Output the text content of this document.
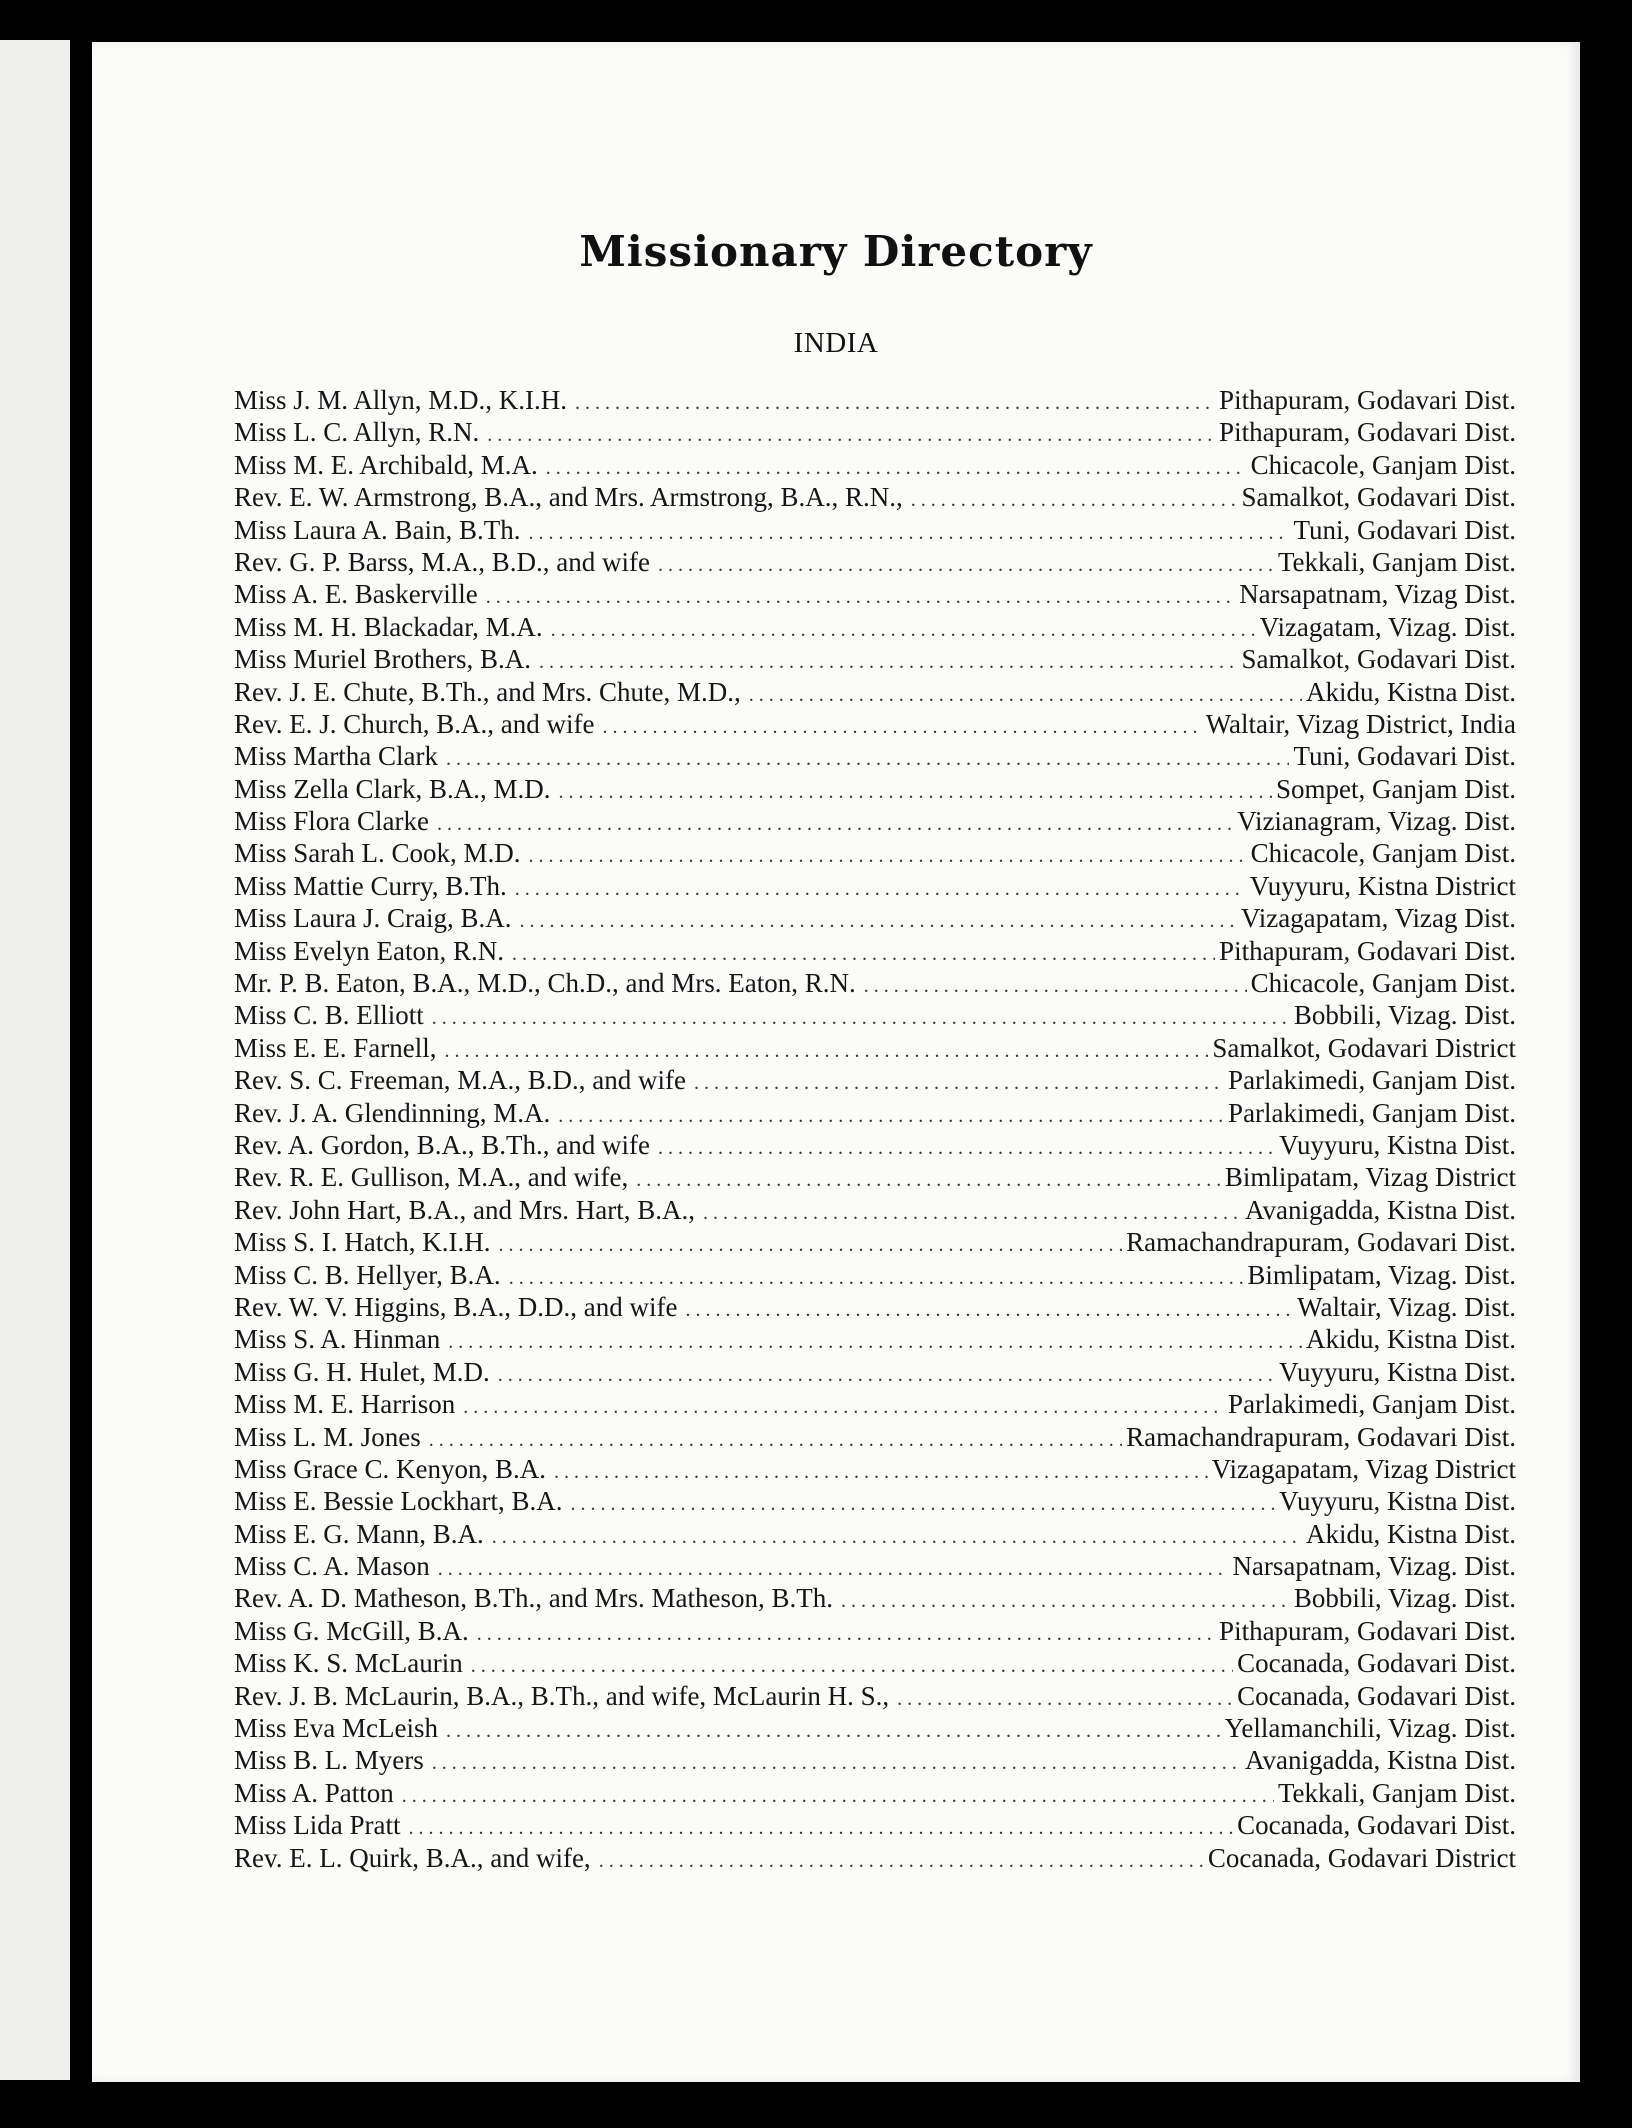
Missionary Directory
INDIA
Miss J. M. Allyn, M.D., K.I.H. .....	Pithapuram, Godavari Dist.
Miss L. C. Allyn, R.N. .....	Pithapuram, Godavari Dist.
Miss M. E. Archibald, M.A. .....	Chicacole, Ganjam Dist.
Rev. E. W. Armstrong, B.A., and Mrs. Armstrong, B.A., R.N., .....	Samalkot, Godavari Dist.
Miss Laura A. Bain, B.Th. .....	Tuni, Godavari Dist.
Rev. G. P. Barss, M.A., B.D., and wife .....	Tekkali, Ganjam Dist.
Miss A. E. Baskerville .....	Narsapatnam, Vizag Dist.
Miss M. H. Blackadar, M.A. .....	Vizagatam, Vizag. Dist.
Miss Muriel Brothers, B.A. .....	Samalkot, Godavari Dist.
Rev. J. E. Chute, B.Th., and Mrs. Chute, M.D., .....	Akidu, Kistna Dist.
Rev. E. J. Church, B.A., and wife .....	Waltair, Vizag District, India
Miss Martha Clark .....	Tuni, Godavari Dist.
Miss Zella Clark, B.A., M.D. .....	Sompet, Ganjam Dist.
Miss Flora Clarke .....	Vizianagram, Vizag. Dist.
Miss Sarah L. Cook, M.D. .....	Chicacole, Ganjam Dist.
Miss Mattie Curry, B.Th. .....	Vuyyuru, Kistna District
Miss Laura J. Craig, B.A. .....	Vizagapatam, Vizag Dist.
Miss Evelyn Eaton, R.N. .....	Pithapuram, Godavari Dist.
Mr. P. B. Eaton, B.A., M.D., Ch.D., and Mrs. Eaton, R.N. .....	Chicacole, Ganjam Dist.
Miss C. B. Elliott .....	Bobbili, Vizag. Dist.
Miss E. E. Farnell, .....	Samalkot, Godavari District
Rev. S. C. Freeman, M.A., B.D., and wife .....	Parlakimedi, Ganjam Dist.
Rev. J. A. Glendinning, M.A. .....	Parlakimedi, Ganjam Dist.
Rev. A. Gordon, B.A., B.Th., and wife .....	Vuyyuru, Kistna Dist.
Rev. R. E. Gullison, M.A., and wife, .....	Bimlipatam, Vizag District
Rev. John Hart, B.A., and Mrs. Hart, B.A., .....	Avanigadda, Kistna Dist.
Miss S. I. Hatch, K.I.H. .....	Ramachandrapuram, Godavari Dist.
Miss C. B. Hellyer, B.A. .....	Bimlipatam, Vizag. Dist.
Rev. W. V. Higgins, B.A., D.D., and wife .....	Waltair, Vizag. Dist.
Miss S. A. Hinman .....	Akidu, Kistna Dist.
Miss G. H. Hulet, M.D. .....	Vuyyuru, Kistna Dist.
Miss M. E. Harrison .....	Parlakimedi, Ganjam Dist.
Miss L. M. Jones .....	Ramachandrapuram, Godavari Dist.
Miss Grace C. Kenyon, B.A. .....	Vizagapatam, Vizag District
Miss E. Bessie Lockhart, B.A. .....	Vuyyuru, Kistna Dist.
Miss E. G. Mann, B.A. .....	Akidu, Kistna Dist.
Miss C. A. Mason .....	Narsapatnam, Vizag. Dist.
Rev. A. D. Matheson, B.Th., and Mrs. Matheson, B.Th. .....	Bobbili, Vizag. Dist.
Miss G. McGill, B.A. .....	Pithapuram, Godavari Dist.
Miss K. S. McLaurin .....	Cocanada, Godavari Dist.
Rev. J. B. McLaurin, B.A., B.Th., and wife, McLaurin H. S., .....	Cocanada, Godavari Dist.
Miss Eva McLeish .....	Yellamanchili, Vizag. Dist.
Miss B. L. Myers .....	Avanigadda, Kistna Dist.
Miss A. Patton .....	Tekkali, Ganjam Dist.
Miss Lida Pratt .....	Cocanada, Godavari Dist.
Rev. E. L. Quirk, B.A., and wife, .....	Cocanada, Godavari District
